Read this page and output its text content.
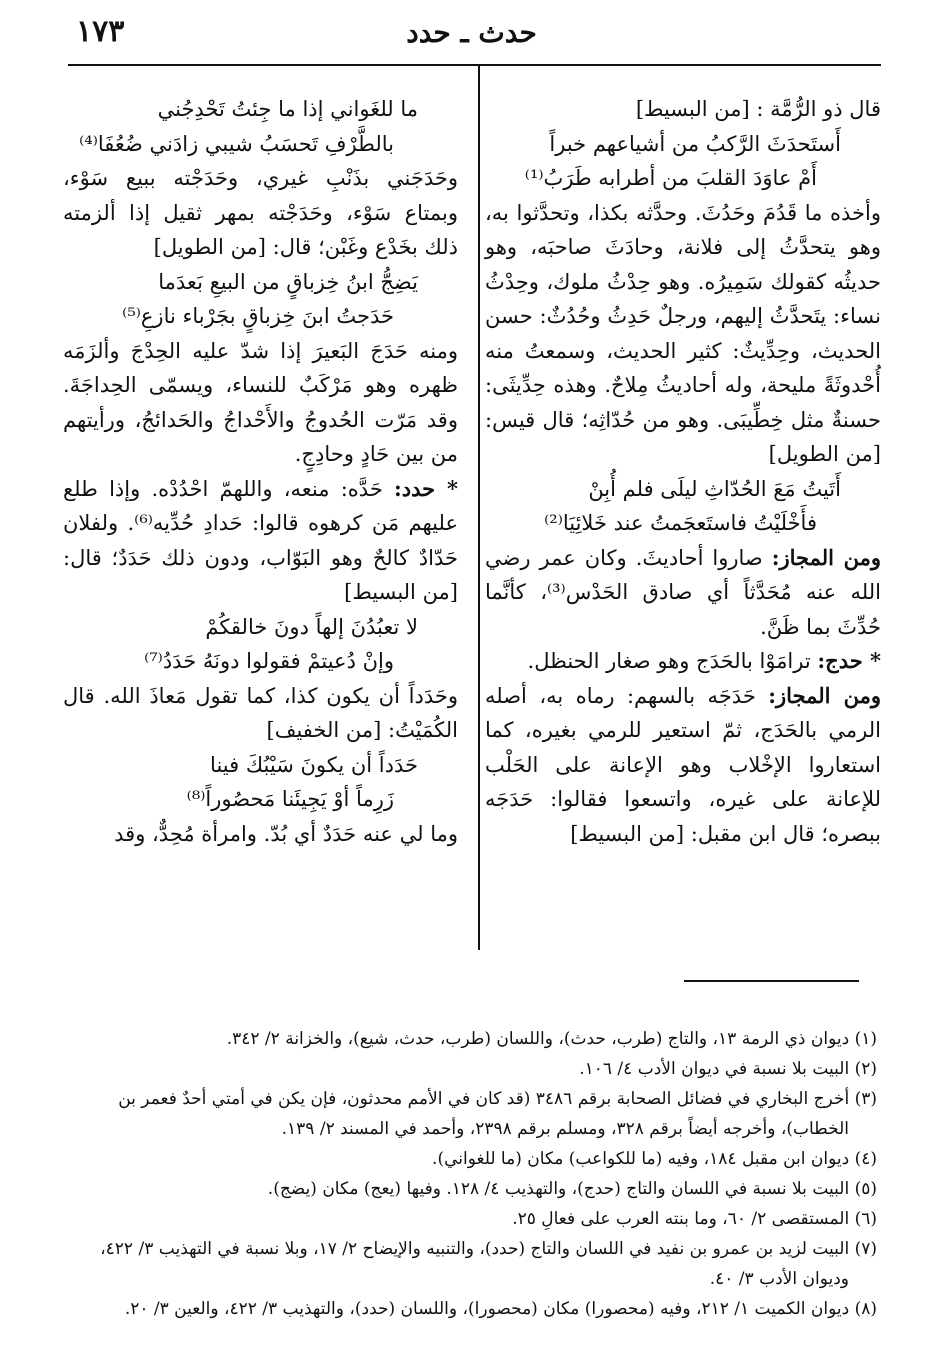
١٧٣	حدث ـ حدد

قال ذو الرُّمَّة : [من البسيط]

أَستَحدَثَ الرَّكبُ من أشياعهم خبراً

أَمْ عاوَدَ القلبَ من أطرابه طَرَبُ⁽¹⁾

وأخذه ما قَدُمَ وحَدُثَ. وحدَّثه بكذا، وتحدَّثوا به، وهو يتحدَّثُ إلى فلانة، وحادَثَ صاحبَه، وهو حديثُه كقولك سَمِيرُه. وهو حِدْثُ ملوك، وحِدْثُ نساء: يتَحدَّثُ إليهم، ورجلٌ حَدِثُ وحُدُثٌ: حسن الحديث، وحِدِّيثٌ: كثير الحديث، وسمعتُ منه أُحْدوثَةً مليحة، وله أحاديثُ مِلاحٌ. وهذه حِدِّيثَى: حسنةٌ مثل خِطِّيبَى. وهو من حُدّاثِه؛ قال قيس: [من الطويل]

أَتَيتُ مَعَ الحُدّاثِ ليلَى فلم أُبِنْ

فأَخْلَيْتُ فاستَعجَمتُ عند خَلائِيَا⁽²⁾

ومن المجاز: صاروا أحاديثَ. وكان عمر رضي الله عنه مُحَدَّثاً أي صادق الحَدْس⁽³⁾، كأنَّما حُدِّثَ بما ظَنَّ.

* حدج: ترامَوْا بالحَدَج وهو صغار الحنظل.

ومن المجاز: حَدَجَه بالسهم: رماه به، أصله الرمي بالحَدَج، ثمّ استعير للرمي بغيره، كما استعاروا الإخْلاب وهو الإعانة على الحَلْب للإعانة على غيره، واتسعوا فقالوا: حَدَجَه ببصره؛ قال ابن مقبل: [من البسيط]

ما للغَواني إذا ما جِئتُ تَحْدِجُني

بالطَّرْفِ تَحسَبُ شيبي زادَني ضُعُفَا⁽⁴⁾

وحَدَجَني بذَنْبِ غيري، وحَدَجْته ببيع سَوْء، وبمتاع سَوْء، وحَدَجْته بمهر ثقيل إذا ألزمته ذلك بخَدْع وغَبْن؛ قال: [من الطويل]

يَضِجُّ ابنُ خِزباقٍ من البيعِ بَعدَما

حَدَجتُ ابنَ خِزباقٍ بجَرْباء نازعِ⁽⁵⁾

ومنه حَدَجَ البَعيرَ إذا شدّ عليه الحِدْجَ وألزَمَه ظهره وهو مَرْكَبٌ للنساء، ويسمّى الحِداجَةَ. وقد مَرّت الحُدوجُ والأَحْداجُ والحَدائجُ، ورأيتهم من بين حَادٍ وحادِجٍ.

* حدد: حَدَّه: منعه، واللهمّ احْدُدْه. وإذا طلع عليهم مَن كرهوه قالوا: حَدادِ حُدِّيه⁽⁶⁾. ولفلان حَدّادٌ كالحٌ وهو البَوّاب، ودون ذلك حَدَدٌ؛ قال: [من البسيط]

لا تعبُدُنَ إلهاً دونَ خالقكُمْ

وإنْ دُعيتمْ فقولوا دونَهُ حَدَدُ⁽⁷⁾

وحَدَداً أن يكون كذا، كما تقول مَعاذَ الله. قال الكُمَيْتُ: [من الخفيف]

حَدَداً أن يكونَ سَيْبُكَ فينا

زَرِماً أوْ يَجِيئَنا مَحصُوراً⁽⁸⁾

وما لي عنه حَدَدٌ أي بُدّ. وامرأة مُحِدٌّ، وقد

(١) ديوان ذي الرمة ١٣، والتاج (طرب، حدث)، واللسان (طرب، حدث، شيع)، والخزانة ٢/ ٣٤٢.

(٢) البيت بلا نسبة في ديوان الأدب ٤/ ١٠٦.

(٣) أخرج البخاري في فضائل الصحابة برقم ٣٤٨٦ (قد كان في الأمم محدثون، فإن يكن في أمتي أحدٌ فعمر بن

الخطاب)، وأخرجه أيضاً برقم ٣٢٨، ومسلم برقم ٢٣٩٨، وأحمد في المسند ٢/ ١٣٩.

(٤) ديوان ابن مقبل ١٨٤، وفيه (ما للكواعب) مكان (ما للغواني).

(٥) البيت بلا نسبة في اللسان والتاج (حدج)، والتهذيب ٤/ ١٢٨. وفيها (يعج) مكان (يضج).

(٦) المستقصى ٢/ ٦٠، وما بنته العرب على فعالِ ٢٥.

(٧) البيت لزيد بن عمرو بن نفيد في اللسان والتاج (حدد)، والتنبيه والإيضاح ٢/ ١٧، وبلا نسبة في التهذيب ٣/ ٤٢٢،

وديوان الأدب ٣/ ٤٠.

(٨) ديوان الكميت ١/ ٢١٢، وفيه (محصورا) مكان (محصورا)، واللسان (حدد)، والتهذيب ٣/ ٤٢٢، والعين ٣/ ٢٠.
